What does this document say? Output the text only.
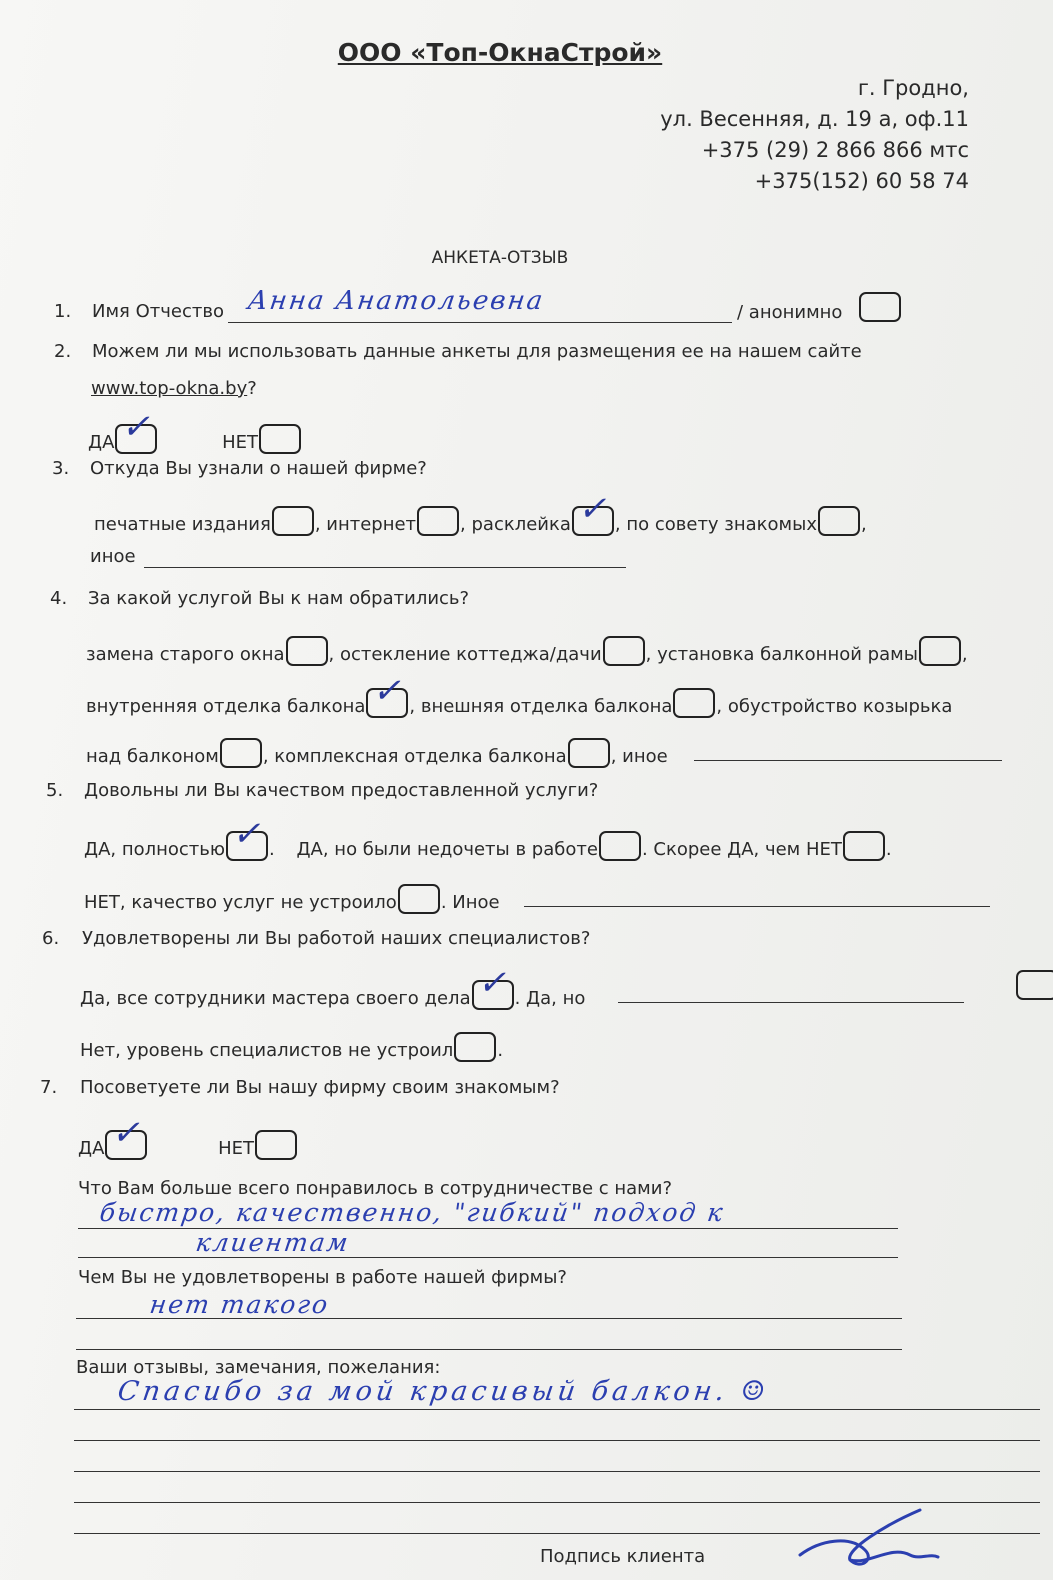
ООО «Топ-ОкнаСтрой»
г. Гродно,
ул. Весенняя, д. 19 а, оф.11
+375 (29) 2 866 866 мтс
+375(152) 60 58 74
АНКЕТА-ОТЗЫВ
1. Имя Отчество Анна Анатольевна	/ анонимно

2. Можем ли мы использовать данные анкеты для размещения ее на нашем сайте
www.top-okna.by?
ДА ✓	НЕТ
3. Откуда Вы узнали о нашей фирме?
печатные издания , интернет , расклейка ✓ , по совету знакомых ,
иное
4. За какой услугой Вы к нам обратились?
замена старого окна , остекление коттеджа/дачи , установка балконной рамы ,
внутренняя отделка балкона ✓ , внешняя отделка балкона , обустройство козырька
над балконом , комплексная отделка балкона , иное
5. Довольны ли Вы качеством предоставленной услуги?
ДА, полностью ✓ . ДА, но были недочеты в работе . Скорее ДА, чем НЕТ .
НЕТ, качество услуг не устроило . Иное
6. Удовлетворены ли Вы работой наших специалистов?
Да, все сотрудники мастера своего дела ✓ . Да, но
Нет, уровень специалистов не устроил .
7. Посоветуете ли Вы нашу фирму своим знакомым?
ДА ✓	НЕТ
Что Вам больше всего понравилось в сотрудничестве с нами?
быстро, качественно, "гибкий" подход к
клиентам
Чем Вы не удовлетворены в работе нашей фирмы?
нет такого
Ваши отзывы, замечания, пожелания:
Спасибо за мой красивый балкон. ☺
Подпись клиента
